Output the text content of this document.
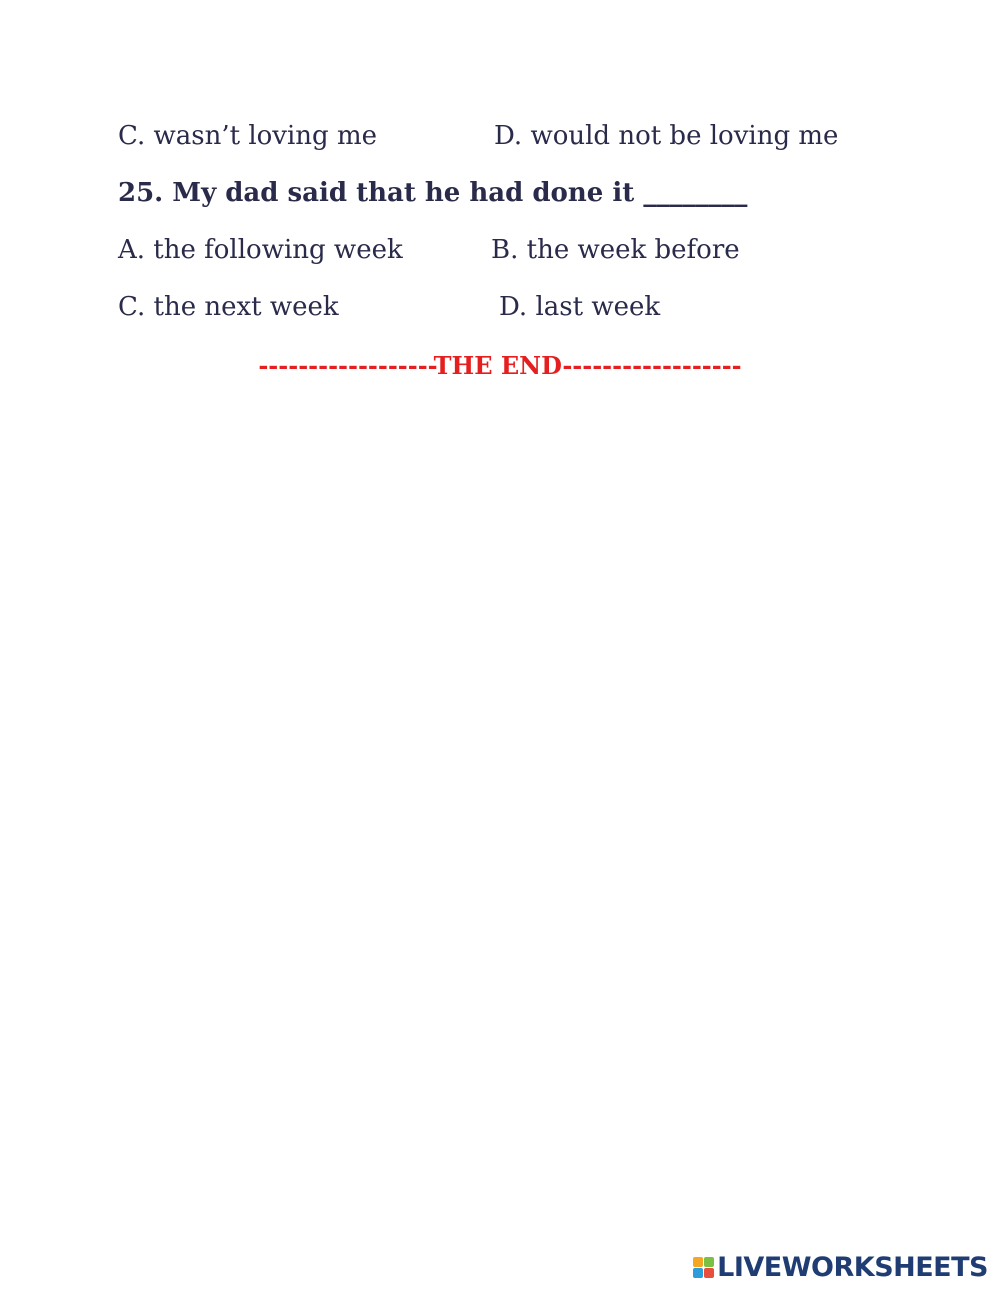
C. wasn’t loving me	D. would not be loving me
25. My dad said that he had done it ________
A. the following week	B. the week before
C. the next week	D. last week
------------------THE END------------------
LIVEWORKSHEETS
